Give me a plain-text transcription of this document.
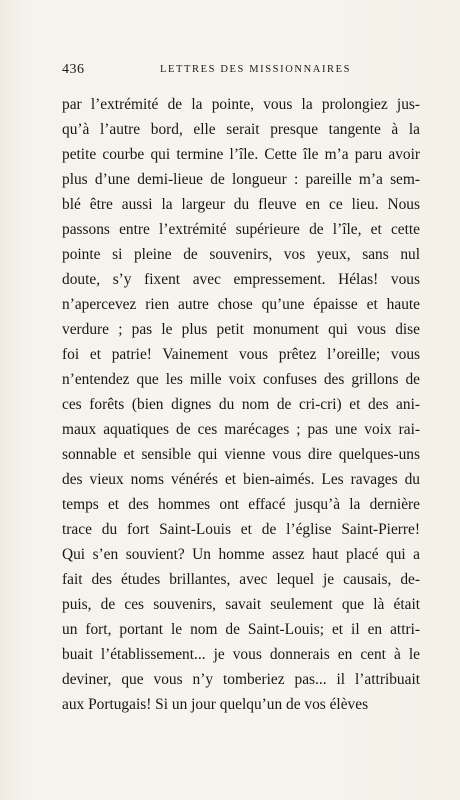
436	LETTRES DES MISSIONNAIRES
par l’extrémité de la pointe, vous la prolongiez jus-
qu’à l’autre bord, elle serait presque tangente à la
petite courbe qui termine l’île. Cette île m’a paru avoir
plus d’une demi-lieue de longueur : pareille m’a sem-
blé être aussi la largeur du fleuve en ce lieu. Nous
passons entre l’extrémité supérieure de l’île, et cette
pointe si pleine de souvenirs, vos yeux, sans nul
doute, s’y fixent avec empressement. Hélas! vous
n’apercevez rien autre chose qu’une épaisse et haute
verdure ; pas le plus petit monument qui vous dise
foi et patrie! Vainement vous prêtez l’oreille; vous
n’entendez que les mille voix confuses des grillons de
ces forêts (bien dignes du nom de cri-cri) et des ani-
maux aquatiques de ces marécages ; pas une voix rai-
sonnable et sensible qui vienne vous dire quelques-uns
des vieux noms vénérés et bien-aimés. Les ravages du
temps et des hommes ont effacé jusqu’à la dernière
trace du fort Saint-Louis et de l’église Saint-Pierre!
Qui s’en souvient? Un homme assez haut placé qui a
fait des études brillantes, avec lequel je causais, de-
puis, de ces souvenirs, savait seulement que là était
un fort, portant le nom de Saint-Louis; et il en attri-
buait l’établissement... je vous donnerais en cent à le
deviner, que vous n’y tomberiez pas... il l’attribuait
aux Portugais! Si un jour quelqu’un de vos élèves
